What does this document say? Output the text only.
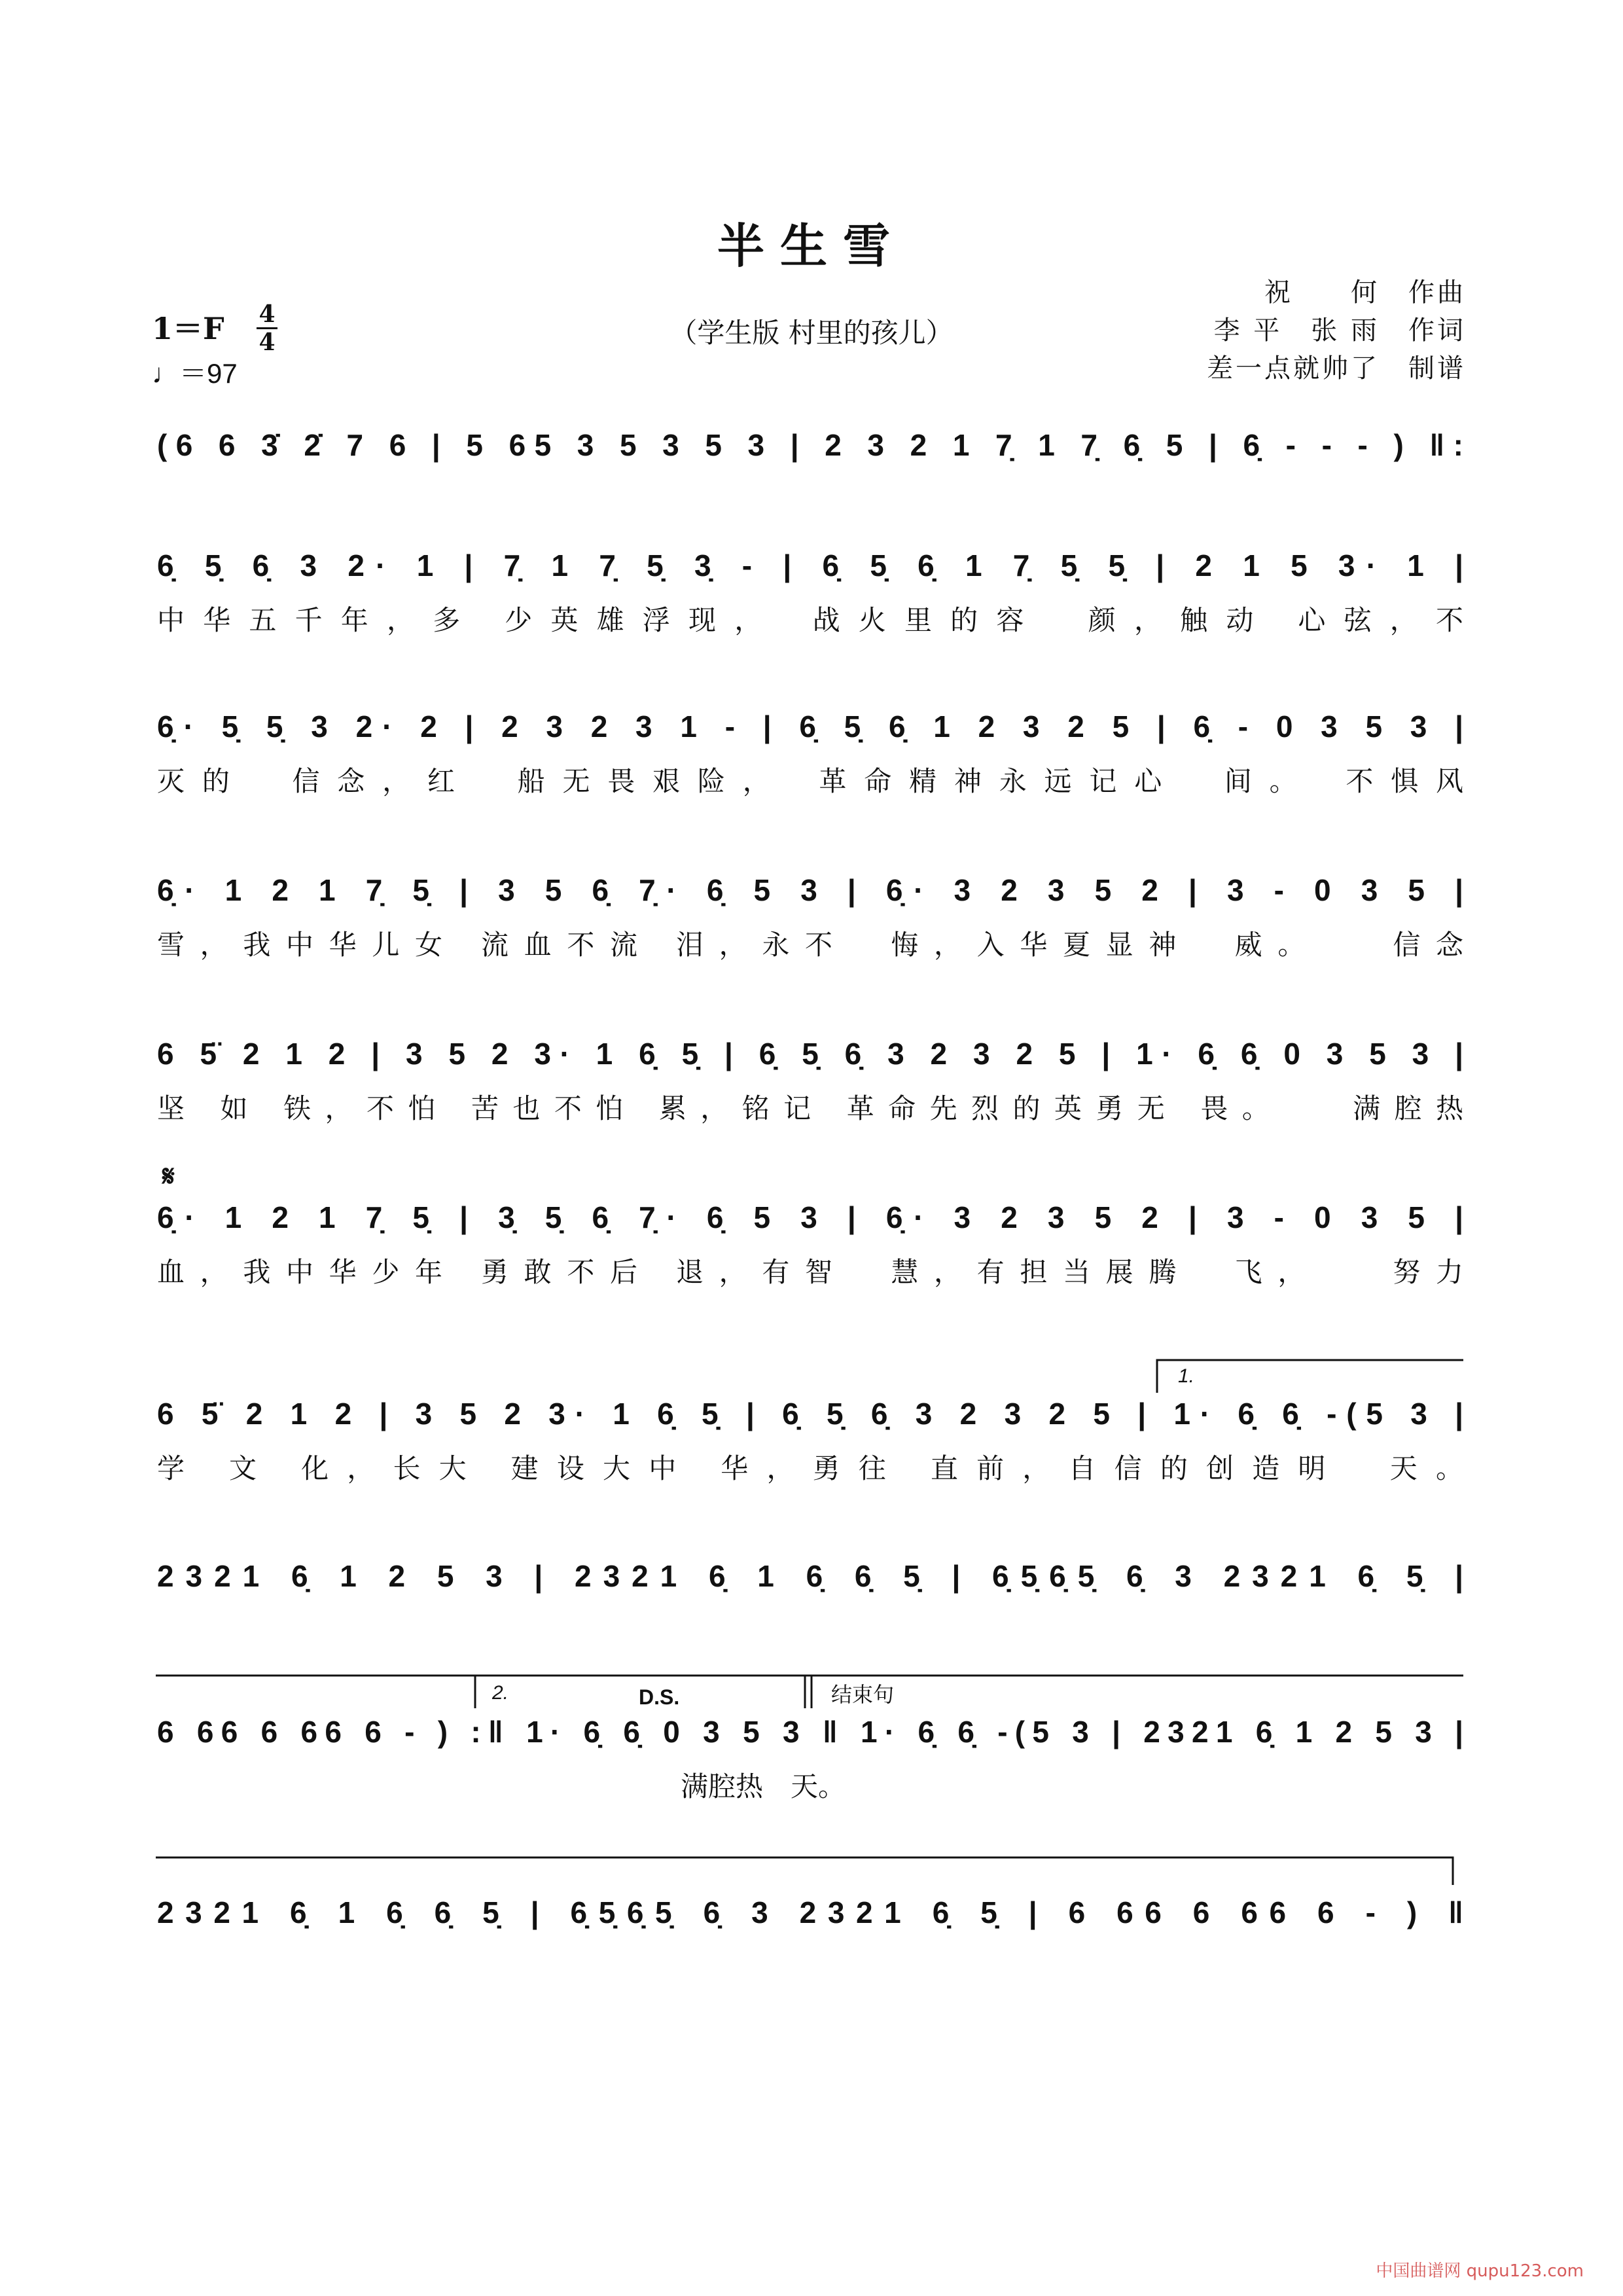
半生雪
祝　　何　作曲
李 平　张 雨　作词
差一点就帅了　制谱
1＝F 4
4
♩＝97
（学生版 村里的孩儿）
(6 6 3̇ 2̇ 7 6 | 5 65 3 5 3 5 3 | 2 3 2 1 7̣ 1 7̣ 6̣ 5 | 6̣ - - - ) ‖:
6̣ 5̣ 6̣ 3 2· 1 | 7̣ 1 7̣ 5̣ 3̣ - | 6̣ 5̣ 6̣ 1 7̣ 5̣ 5̣ | 2 1 5 3· 1 |
中华五千年，多 少英雄浮现，　战火里的容　颜，触动 心弦，不
6̣· 5̣ 5̣ 3 2· 2 | 2 3 2 3 1 - | 6̣ 5̣ 6̣ 1 2 3 2 5 | 6̣ - 0 3 5 3 |
灭的　信念，红　船无畏艰险，　革命精神永远记心　间。　不惧风
6̣· 1 2 1 7̣ 5̣ | 3 5 6̣ 7̣· 6̣ 5 3 | 6̣· 3 2 3 5 2 | 3 - 0 3 5 |
雪，我中华儿女 流血不流 泪，永不　悔，入华夏显神　威。　　信念
6 5̈ 2 1 2 | 3 5 2 3· 1 6̣ 5̣ | 6̣ 5̣ 6̣ 3 2 3 2 5 | 1· 6̣ 6̣ 0 3 5 3 |
坚 如 铁，不怕 苦也不怕 累，铭记 革命先烈的英勇无 畏。　　满腔热
6̣· 1 2 1 7̣ 5̣ | 3̣ 5̣ 6̣ 7̣· 6̣ 5 3 | 6̣· 3 2 3 5 2 | 3 - 0 3 5 |
血，我中华少年 勇敢不后 退，有智　慧，有担当展腾　飞，　　努力
6 5̈ 2 1 2 | 3 5 2 3· 1 6̣ 5̣ | 6̣ 5̣ 6̣ 3 2 3 2 5 | 1· 6̣ 6̣ -(5 3 |
学 文 化，长大 建设大中 华，勇往 直前，自信的创造明　天。
2321 6̣ 1 2 5 3 | 2321 6̣ 1 6̣ 6̣ 5̣ | 6̣5̣6̣5̣ 6̣ 3 2321 6̣ 5̣ |
6 66 6 66 6 - ) :‖ 1· 6̣ 6̣ 0 3 5 3 ‖ 1· 6̣ 6̣ -(5 3 | 2321 6̣ 1 2 5 3 |
满腔热　天。
2321 6̣ 1 6̣ 6̣ 5̣ | 6̣5̣6̣5̣ 6̣ 3 2321 6̣ 5̣ | 6 66 6 66 6 - ) ‖
𝄋
1.
2.	D.S.	结束句
中国曲谱网 qupu123.com
